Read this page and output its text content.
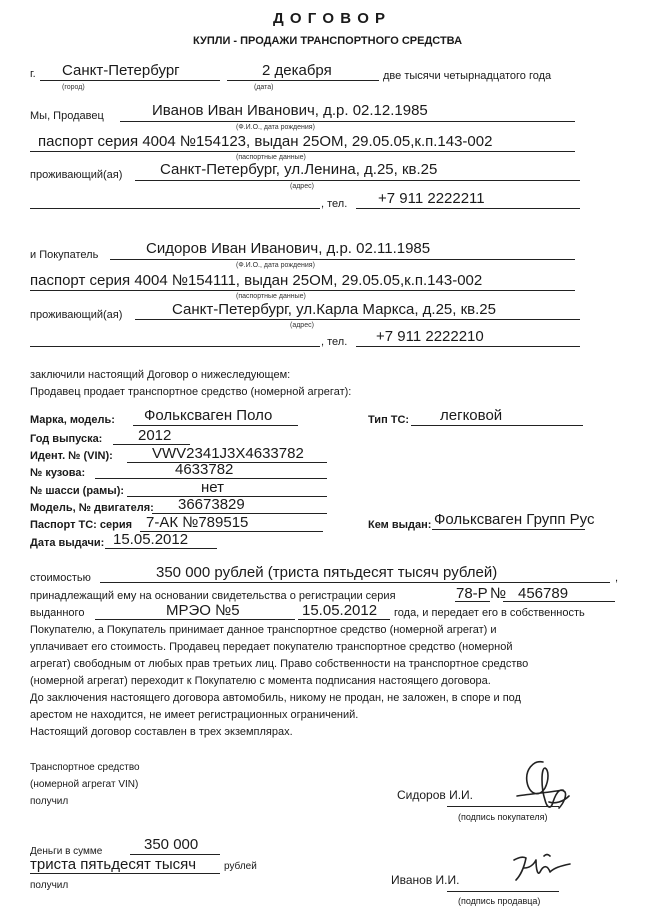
Д О Г О В О Р
КУПЛИ - ПРОДАЖИ ТРАНСПОРТНОГО СРЕДСТВА
г. Санкт-Петербург
(город)
2 декабря
(дата)
две тысячи четырнадцатого года
Мы, Продавец	Иванов Иван Иванович, д.р. 02.12.1985
(Ф.И.О., дата рождения)
паспорт серия 4004 №154123, выдан 25ОМ, 29.05.05,к.п.143-002
(паспортные данные)
проживающий(ая)	Санкт-Петербург, ул.Ленина, д.25, кв.25
(адрес)
, тел. +7 911 2222211
и Покупатель	Сидоров Иван Иванович, д.р. 02.11.1985
(Ф.И.О., дата рождения)
паспорт серия 4004 №154111, выдан 25ОМ, 29.05.05,к.п.143-002
(паспортные данные)
проживающий(ая)	Санкт-Петербург, ул.Карла Маркса, д.25, кв.25
(адрес)
, тел. +7 911 2222210
заключили настоящий Договор о нижеследующем:
Продавец продает транспортное средство (номерной агрегат):
Марка, модель: Фольксваген Поло	Тип ТС: легковой
Год выпуска: 2012
Идент. № (VIN):	VWV2341J3X4633782
№ кузова:	4633782
№ шасси (рамы):	нет
Модель, № двигателя: 36673829
Паспорт ТС: серия 7-АК №789515	Кем выдан: Фольксваген Групп Рус
Дата выдачи: 15.05.2012
стоимостью	350 000 рублей (триста пятьдесят тысяч рублей)	,
принадлежащий ему на основании свидетельства о регистрации серия	78-Р № 456789
выданного	МРЭО №5	15.05.2012 года, и передает его в собственность
Покупателю, а Покупатель принимает данное транспортное средство (номерной агрегат) и
уплачивает его стоимость. Продавец передает покупателю транспортное средство (номерной
агрегат) свободным от любых прав третьих лиц. Право собственности на транспортное средство
(номерной агрегат) переходит к Покупателю с момента подписания настоящего договора.
До заключения настоящего договора автомобиль, никому не продан, не заложен, в споре и под
арестом не находится, не имеет регистрационных ограничений.
Настоящий договор составлен в трех экземплярах.
Транспортное средство
(номерной агрегат VIN)
получил	Сидоров И.И.
(подпись покупателя)
Деньги в сумме	350 000
триста пятьдесят тысяч	рублей
получил	Иванов И.И.
(подпись продавца)
